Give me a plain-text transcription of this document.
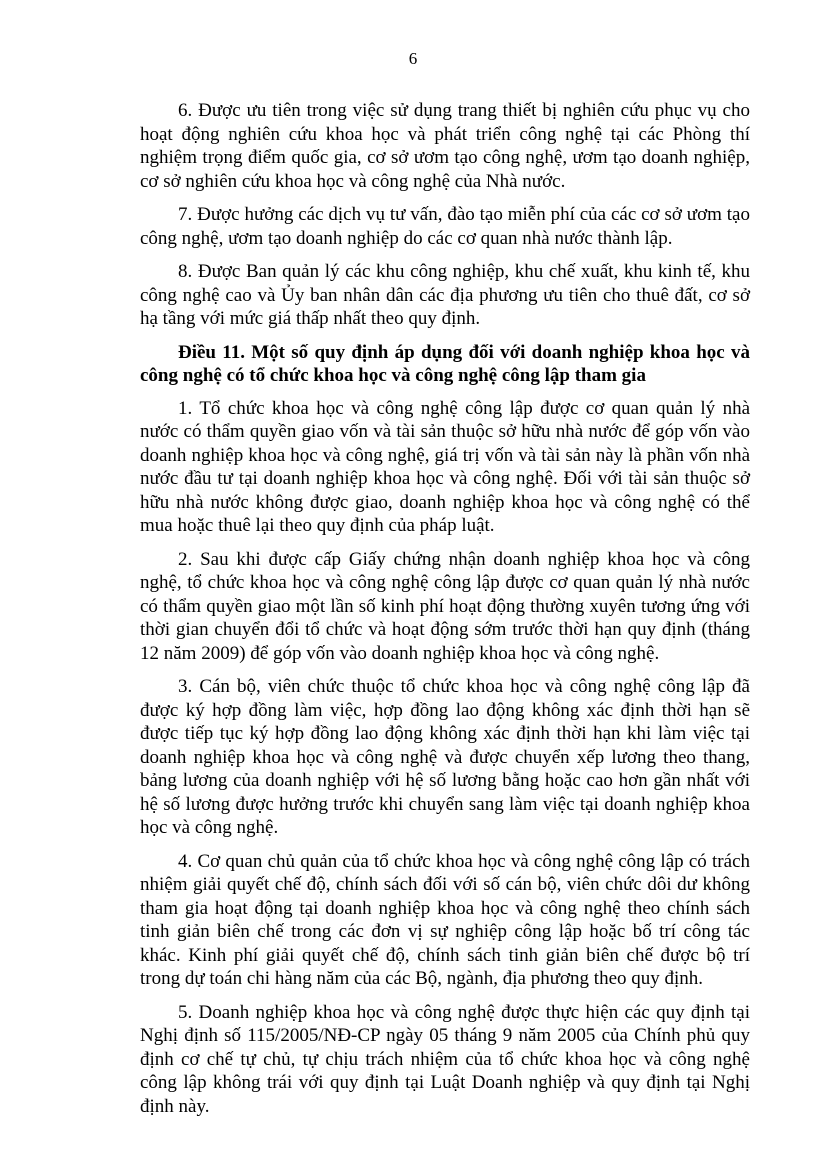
6

6. Được ưu tiên trong việc sử dụng trang thiết bị nghiên cứu phục vụ cho hoạt động nghiên cứu khoa học và phát triển công nghệ tại các Phòng thí nghiệm trọng điểm quốc gia, cơ sở ươm tạo công nghệ, ươm tạo doanh nghiệp, cơ sở nghiên cứu khoa học và công nghệ của Nhà nước.

7. Được hưởng các dịch vụ tư vấn, đào tạo miễn phí của các cơ sở ươm tạo công nghệ, ươm tạo doanh nghiệp do các cơ quan nhà nước thành lập.

8. Được Ban quản lý các khu công nghiệp, khu chế xuất, khu kinh tế, khu công nghệ cao và Ủy ban nhân dân các địa phương ưu tiên cho thuê đất, cơ sở hạ tầng với mức giá thấp nhất theo quy định.

Điều 11. Một số quy định áp dụng đối với doanh nghiệp khoa học và công nghệ có tổ chức khoa học và công nghệ công lập tham gia

1. Tổ chức khoa học và công nghệ công lập được cơ quan quản lý nhà nước có thẩm quyền giao vốn và tài sản thuộc sở hữu nhà nước để góp vốn vào doanh nghiệp khoa học và công nghệ, giá trị vốn và tài sản này là phần vốn nhà nước đầu tư tại doanh nghiệp khoa học và công nghệ. Đối với tài sản thuộc sở hữu nhà nước không được giao, doanh nghiệp khoa học và công nghệ có thể mua hoặc thuê lại theo quy định của pháp luật.

2. Sau khi được cấp Giấy chứng nhận doanh nghiệp khoa học và công nghệ, tổ chức khoa học và công nghệ công lập được cơ quan quản lý nhà nước có thẩm quyền giao một lần số kinh phí hoạt động thường xuyên tương ứng với thời gian chuyển đổi tổ chức và hoạt động sớm trước thời hạn quy định (tháng 12 năm 2009) để góp vốn vào doanh nghiệp khoa học và công nghệ.

3. Cán bộ, viên chức thuộc tổ chức khoa học và công nghệ công lập đã được ký hợp đồng làm việc, hợp đồng lao động không xác định thời hạn sẽ được tiếp tục ký hợp đồng lao động không xác định thời hạn khi làm việc tại doanh nghiệp khoa học và công nghệ và được chuyển xếp lương theo thang, bảng lương của doanh nghiệp với hệ số lương bằng hoặc cao hơn gần nhất với hệ số lương được hưởng trước khi chuyển sang làm việc tại doanh nghiệp khoa học và công nghệ.

4. Cơ quan chủ quản của tổ chức khoa học và công nghệ công lập có trách nhiệm giải quyết chế độ, chính sách đối với số cán bộ, viên chức dôi dư không tham gia hoạt động tại doanh nghiệp khoa học và công nghệ theo chính sách tinh giản biên chế trong các đơn vị sự nghiệp công lập hoặc bố trí công tác khác. Kinh phí giải quyết chế độ, chính sách tinh giản biên chế được bộ trí trong dự toán chi hàng năm của các Bộ, ngành, địa phương theo quy định.

5. Doanh nghiệp khoa học và công nghệ được thực hiện các quy định tại Nghị định số 115/2005/NĐ-CP ngày 05 tháng 9 năm 2005 của Chính phủ quy định cơ chế tự chủ, tự chịu trách nhiệm của tổ chức khoa học và công nghệ công lập không trái với quy định tại Luật Doanh nghiệp và quy định tại Nghị định này.
